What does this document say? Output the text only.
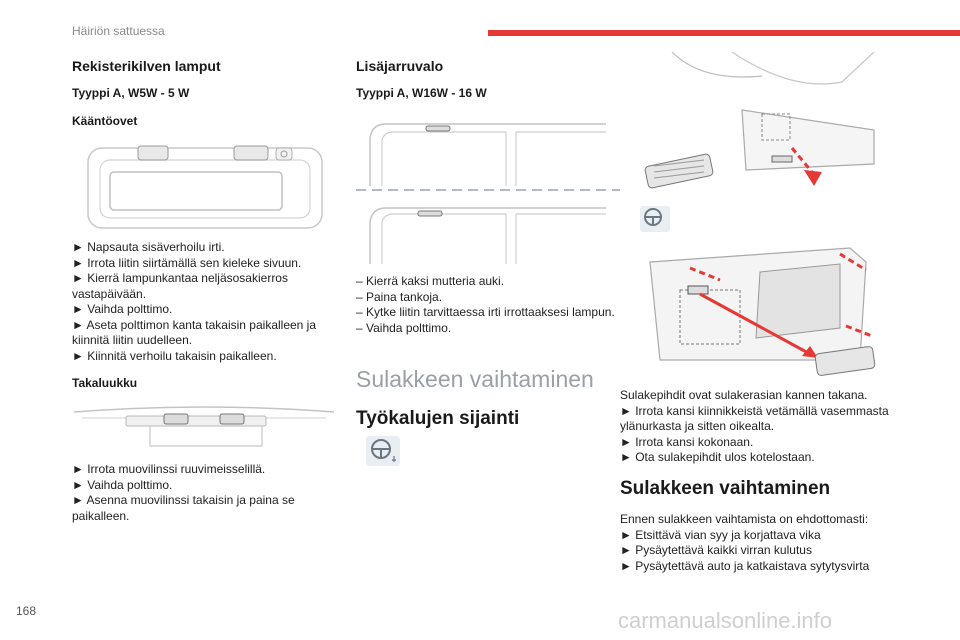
Häiriön sattuessa
Rekisterikilven lamput
Tyyppi A, W5W - 5 W
Kääntöovet
► Napsauta sisäverhoilu irti.
► Irrota liitin siirtämällä sen kieleke sivuun.
► Kierrä lampunkantaa neljäsosakierros vastapäivään.
► Vaihda polttimo.
► Aseta polttimon kanta takaisin paikalleen ja kiinnitä liitin uudelleen.
► Kiinnitä verhoilu takaisin paikalleen.
Takaluukku
► Irrota muovilinssi ruuvimeisselillä.
► Vaihda polttimo.
► Asenna muovilinssi takaisin ja paina se paikalleen.
Lisäjarruvalo
Tyyppi A, W16W - 16 W
– Kierrä kaksi mutteria auki.
– Paina tankoja.
– Kytke liitin tarvittaessa irti irrottaaksesi lampun.
– Vaihda polttimo.
Sulakkeen vaihtaminen
Työkalujen sijainti
Sulakepihdit ovat sulakerasian kannen takana.
► Irrota kansi kiinnikkeistä vetämällä vasemmasta ylänurkasta ja sitten oikealta.
► Irrota kansi kokonaan.
► Ota sulakepihdit ulos kotelostaan.
Sulakkeen vaihtaminen
Ennen sulakkeen vaihtamista on ehdottomasti:
► Etsittävä vian syy ja korjattava vika
► Pysäytettävä kaikki virran kulutus
► Pysäytettävä auto ja katkaistava sytytysvirta
168	carmanualsonline.info
